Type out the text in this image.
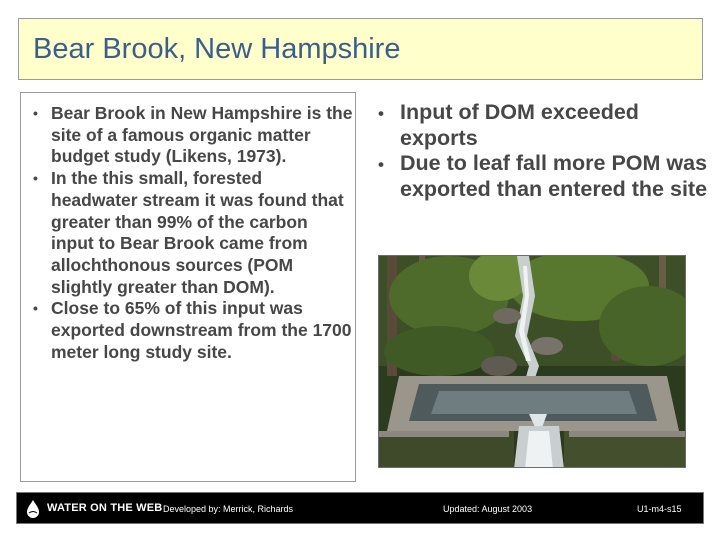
Bear Brook, New Hampshire
• Bear Brook in New Hampshire is the site of a famous organic matter budget study (Likens, 1973).
• In the this small, forested headwater stream it was found that greater than 99% of the carbon input to Bear Brook came from allochthonous sources (POM slightly greater than DOM).
• Close to 65% of this input was exported downstream from the 1700 meter long study site.
• Input of DOM exceeded exports
• Due to leaf fall more POM was exported than entered the site
WATER ON THE WEB Developed by: Merrick, Richards	Updated: August 2003	U1-m4-s15
